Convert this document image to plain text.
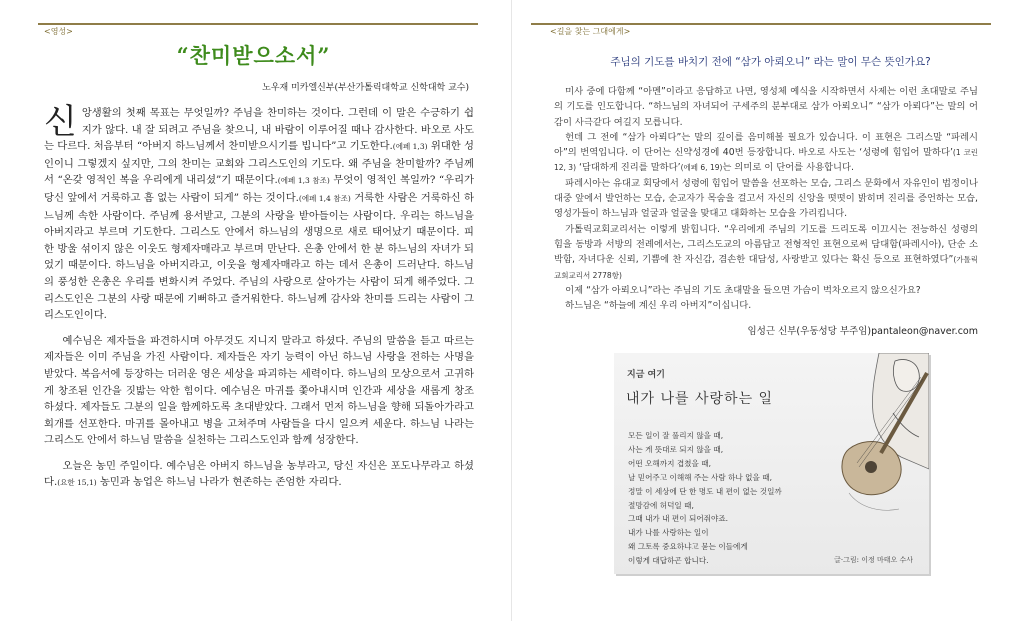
<영성>
“찬미받으소서”
노우재 미카엘신부(부산가톨릭대학교 신학대학 교수)

신앙생활의 첫째 목표는 무엇일까? 주님을 찬미하는 것이다. 그런데 이 말은 수긍하기 쉽지가 않다. 내 잘 되려고 주님을 찾으니, 내 바람이 이루어질 때나 감사한다. 바오로 사도는 다르다. 처음부터 “아버지 하느님께서 찬미받으시기를 빕니다”고 기도한다.(에페 1,3) 위대한 성인이니 그렇겠지 싶지만, 그의 찬미는 교회와 그리스도인의 기도다. 왜 주님을 찬미할까? 주님께서 “온갖 영적인 복을 우리에게 내리셨”기 때문이다.(에페 1,3 참조) 무엇이 영적인 복일까? “우리가 당신 앞에서 거룩하고 흠 없는 사람이 되게” 하는 것이다.(에페 1,4 참조) 거룩한 사람은 거룩하신 하느님께 속한 사람이다. 주님께 용서받고, 그분의 사랑을 받아들이는 사람이다. 우리는 하느님을 아버지라고 부르며 기도한다. 그리스도 안에서 하느님의 생명으로 새로 태어났기 때문이다. 피 한 방울 섞이지 않은 이웃도 형제자매라고 부르며 만난다. 은총 안에서 한 분 하느님의 자녀가 되었기 때문이다. 하느님을 아버지라고, 이웃을 형제자매라고 하는 데서 은총이 드러난다. 하느님의 풍성한 은총은 우리를 변화시켜 주었다. 주님의 사랑으로 살아가는 사람이 되게 해주었다. 그리스도인은 그분의 사랑 때문에 기뻐하고 즐거워한다. 하느님께 감사와 찬미를 드리는 사람이 그리스도인이다.

예수님은 제자들을 파견하시며 아무것도 지니지 말라고 하셨다. 주님의 말씀을 듣고 따르는 제자들은 이미 주님을 가진 사람이다. 제자들은 자기 능력이 아닌 하느님 사랑을 전하는 사명을 받았다. 복음서에 등장하는 더러운 영은 세상을 파괴하는 세력이다. 하느님의 모상으로서 고귀하게 창조된 인간을 짓밟는 악한 힘이다. 예수님은 마귀를 쫓아내시며 인간과 세상을 새롭게 창조하셨다. 제자들도 그분의 일을 함께하도록 초대받았다. 그래서 먼저 하느님을 향해 되돌아가라고 회개를 선포한다. 마귀를 몰아내고 병을 고쳐주며 사람들을 다시 일으켜 세운다. 하느님 나라는 그리스도 안에서 하느님 말씀을 실천하는 그리스도인과 함께 성장한다.

오늘은 농민 주일이다. 예수님은 아버지 하느님을 농부라고, 당신 자신은 포도나무라고 하셨다.(요한 15,1) 농민과 농업은 하느님 나라가 현존하는 존엄한 자리다.

<길을 찾는 그대에게>
주님의 기도를 바치기 전에 “삼가 아뢰오니” 라는 말이 무슨 뜻인가요?

미사 중에 다함께 “아멘”이라고 응답하고 나면, 영성체 예식을 시작하면서 사제는 이런 초대말로 주님의 기도를 인도합니다. “하느님의 자녀되어 구세주의 분부대로 삼가 아뢰오니” “삼가 아뢰다”는 말의 어감이 사극같다 여길지 모릅니다.

헌데 그 전에 “삼가 아뢰다”는 말의 깊이를 음미해볼 필요가 있습니다. 이 표현은 그리스말 “파레시아”의 번역입니다. 이 단어는 신약성경에 40번 등장합니다. 바오로 사도는 ‘성령에 힘입어 말하다’(1 코린 12, 3) ‘담대하게 진리를 말하다’(에페 6, 19)는 의미로 이 단어를 사용합니다.

파레시아는 유대교 회당에서 성령에 힘입어 말씀을 선포하는 모습, 그리스 문화에서 자유인이 법정이나 대중 앞에서 발언하는 모습, 순교자가 목숨을 걸고서 자신의 신앙을 떳떳이 밝히며 진리를 증언하는 모습, 영성가들이 하느님과 얼굴과 얼굴을 맞대고 대화하는 모습을 가리킵니다.

가톨릭교회교리서는 이렇게 밝힙니다. “우리에게 주님의 기도를 드리도록 이끄시는 전능하신 성령의 힘을 동방과 서방의 전례에서는, 그리스도교의 아름답고 전형적인 표현으로써 담대함(파레시아), 단순 소박함, 자녀다운 신뢰, 기쁨에 찬 자신감, 겸손한 대담성, 사랑받고 있다는 확신 등으로 표현하였다”(가톨릭교회교리서 2778항)

이제 “삼가 아뢰오니”라는 주님의 기도 초대말을 들으면 가슴이 벅차오르지 않으신가요?

하느님은 “하늘에 계신 우리 아버지”이십니다.

임성근 신부(우동성당 부주임)pantaleon@naver.com
지금 여기
내가 나를 사랑하는 일
모든 일이 잘 풀리지 않을 때,
사는 게 뜻대로 되지 않을 때,
어떤 오해까지 겹쳤을 때,
날 믿어주고 이해해 주는 사람 하나 없을 때,
정말 이 세상에 단 한 명도 내 편이 없는 것일까
절망감에 허덕일 때,
그때 내가 내 편이 되어줘야죠.
내가 나를 사랑하는 일이
왜 그토록 중요하냐고 묻는 이들에게
이렇게 대답하곤 합니다.	글·그림: 이정 마태오 수사
